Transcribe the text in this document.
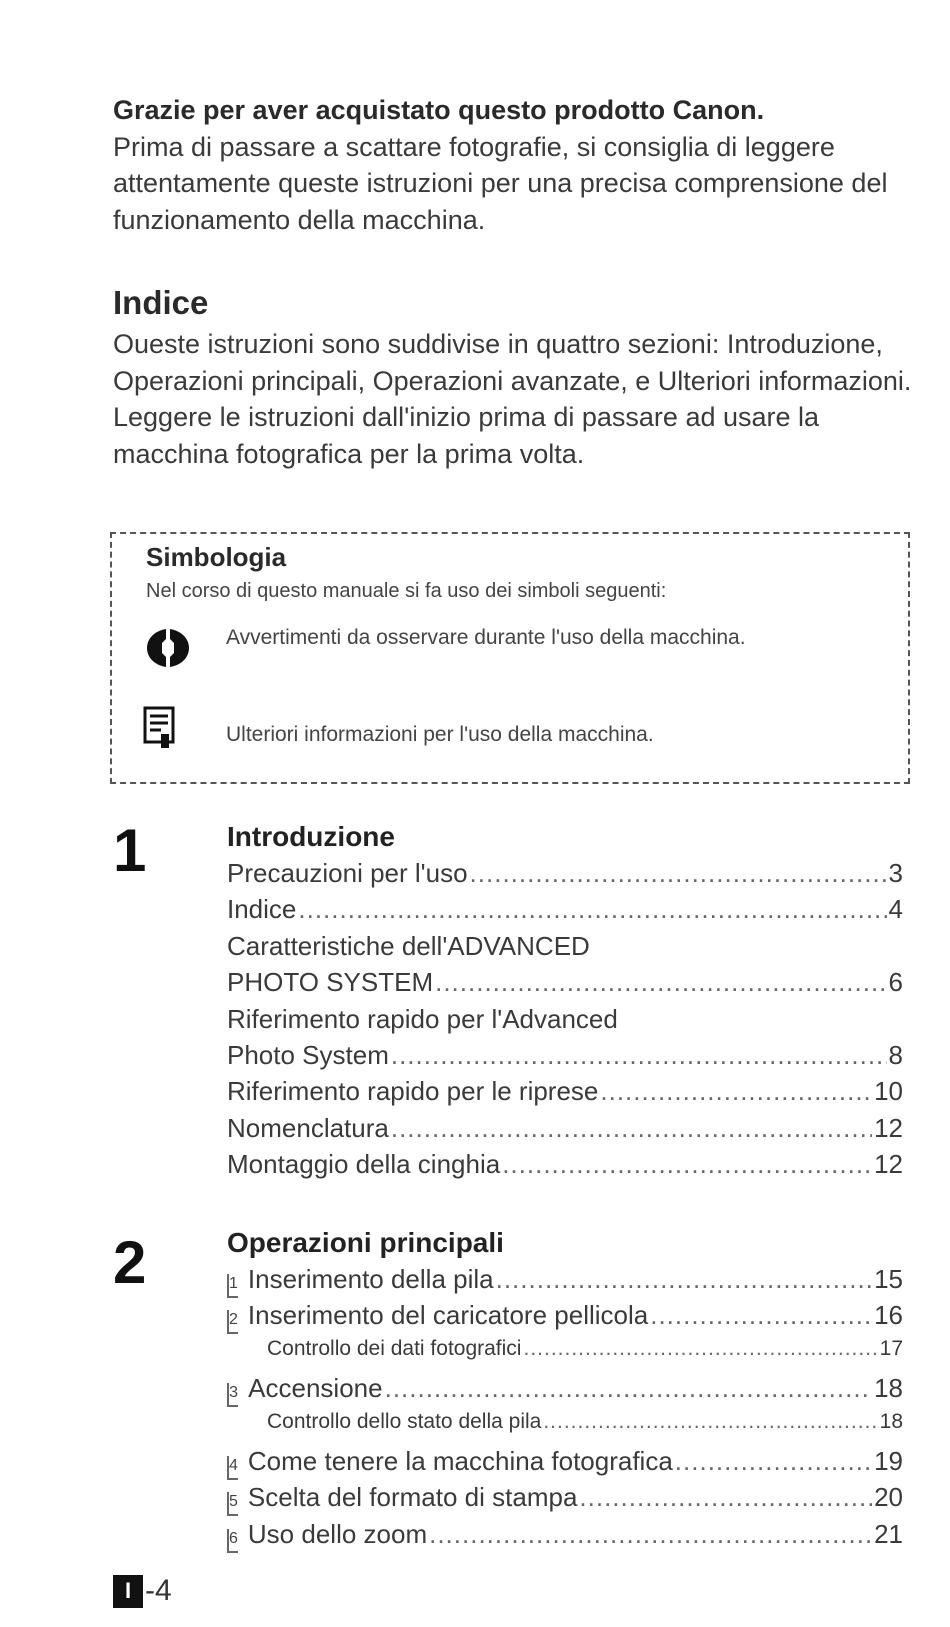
Grazie per aver acquistato questo prodotto Canon.

Prima di passare a scattare fotografie, si consiglia di leggere attentamente queste istruzioni per una precisa comprensione del funzionamento della macchina.

Indice
Oueste istruzioni sono suddivise in quattro sezioni: Introduzione, Operazioni principali, Operazioni avanzate, e Ulteriori informazioni. Leggere le istruzioni dall'inizio prima di passare ad usare la macchina fotografica per la prima volta.
Simbologia
Nel corso di questo manuale si fa uso dei simboli seguenti:
Avvertimenti da osservare durante l'uso della macchina.
Ulteriori informazioni per l'uso della macchina.
1	Introduzione
Precauzioni per l'uso .....	3
Indice .....	4
Caratteristiche dell'ADVANCED
PHOTO SYSTEM .....	6
Riferimento rapido per l'Advanced
Photo System .....	8
Riferimento rapido per le riprese .....	10
Nomenclatura .....	12
Montaggio della cinghia .....	12
2	Operazioni principali
1 Inserimento della pila .....	15
2 Inserimento del caricatore pellicola .....	16
Controllo dei dati fotografici .....	17
3 Accensione .....	18
Controllo dello stato della pila .....	18
4 Come tenere la macchina fotografica .....	19
5 Scelta del formato di stampa .....	20
6 Uso dello zoom .....	21
I -4
